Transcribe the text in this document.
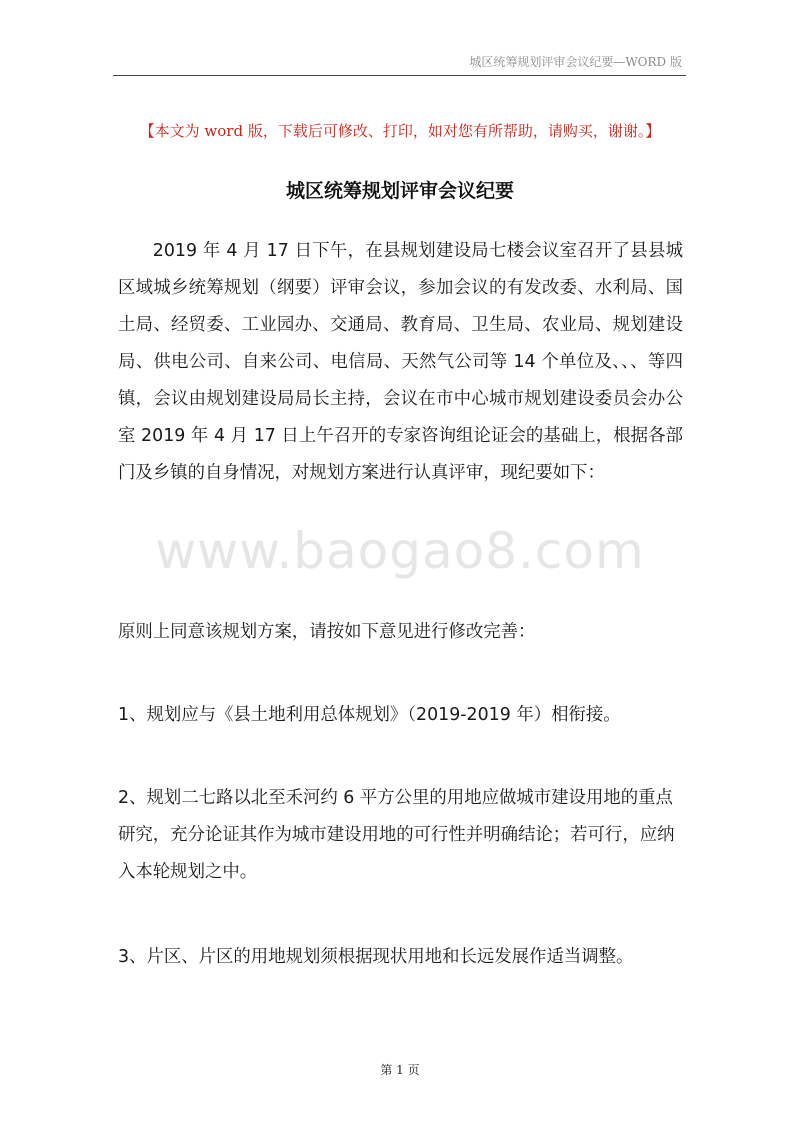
城区统筹规划评审会议纪要—WORD 版
【本文为 word 版，下载后可修改、打印，如对您有所帮助，请购买，谢谢。】
城区统筹规划评审会议纪要
www.baogao8.com
2019 年 4 月 17 日下午，在县规划建设局七楼会议室召开了县县城区域城乡统筹规划（纲要）评审会议，参加会议的有发改委、水利局、国土局、经贸委、工业园办、交通局、教育局、卫生局、农业局、规划建设局、供电公司、自来公司、电信局、天然气公司等 14 个单位及、、、等四镇，会议由规划建设局局长主持，会议在市中心城市规划建设委员会办公室 2019 年 4 月 17 日上午召开的专家咨询组论证会的基础上，根据各部门及乡镇的自身情况，对规划方案进行认真评审，现纪要如下：
原则上同意该规划方案，请按如下意见进行修改完善：
1、规划应与《县土地利用总体规划》（2019-2019 年）相衔接。
2、规划二七路以北至禾河约 6 平方公里的用地应做城市建设用地的重点研究，充分论证其作为城市建设用地的可行性并明确结论；若可行，应纳入本轮规划之中。
3、片区、片区的用地规划须根据现状用地和长远发展作适当调整。
第 1 页
